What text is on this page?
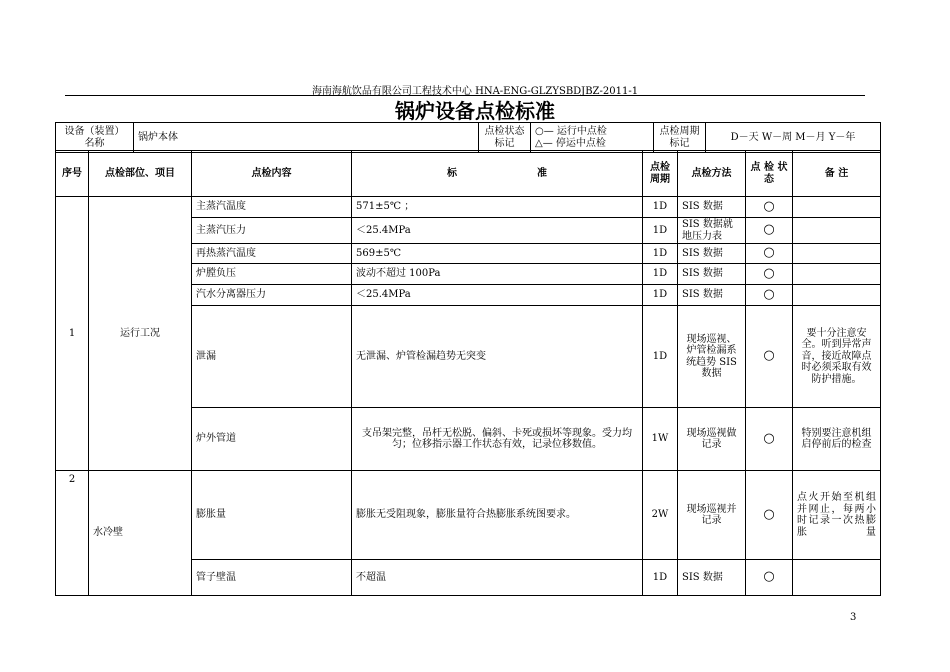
海南海航饮品有限公司工程技术中心 HNA-ENG-GLZYSBDJBZ-2011-1
锅炉设备点检标准
设备（装置）名称	锅炉本体	点检状态标记	
○— 运行中点检
△— 停运中点检
	点检周期标记	D－天 W－周 M－月 Y－年
序号	点检部位、项目	点检内容	标　　　　　　　　准	点检周期	点检方法	点 检 状 态	备 注
1	运行工况	主蒸汽温度	571±5℃ ；	1D	SIS 数据	○	
		主蒸汽压力	＜25.4MPa	1D	SIS 数据就地压力表	○	
		再热蒸汽温度	569±5℃	1D	SIS 数据	○	
		炉膛负压	波动不超过 100Pa	1D	SIS 数据	○	
		汽水分离器压力	＜25.4MPa	1D	SIS 数据	○	
		泄漏	无泄漏、炉管检漏趋势无突变	1D	现场巡视、炉管检漏系统趋势 SIS 数据	○	要十分注意安全。听到异常声音，接近故障点时必须采取有效防护措施。
		炉外管道	支吊架完整，吊杆无松脱、偏斜、卡死或损坏等现象。受力均匀；位移指示器工作状态有效，记录位移数值。	1W	现场巡视做记录	○	特别要注意机组启停前后的检查
2	水冷壁	膨胀量	膨胀无受阻现象，膨胀量符合热膨胀系统图要求。	2W	现场巡视并记录	○	点火开始至机组并网止，每两小时记录一次热膨胀量
		管子壁温	不超温	1D	SIS 数据	○	
3
